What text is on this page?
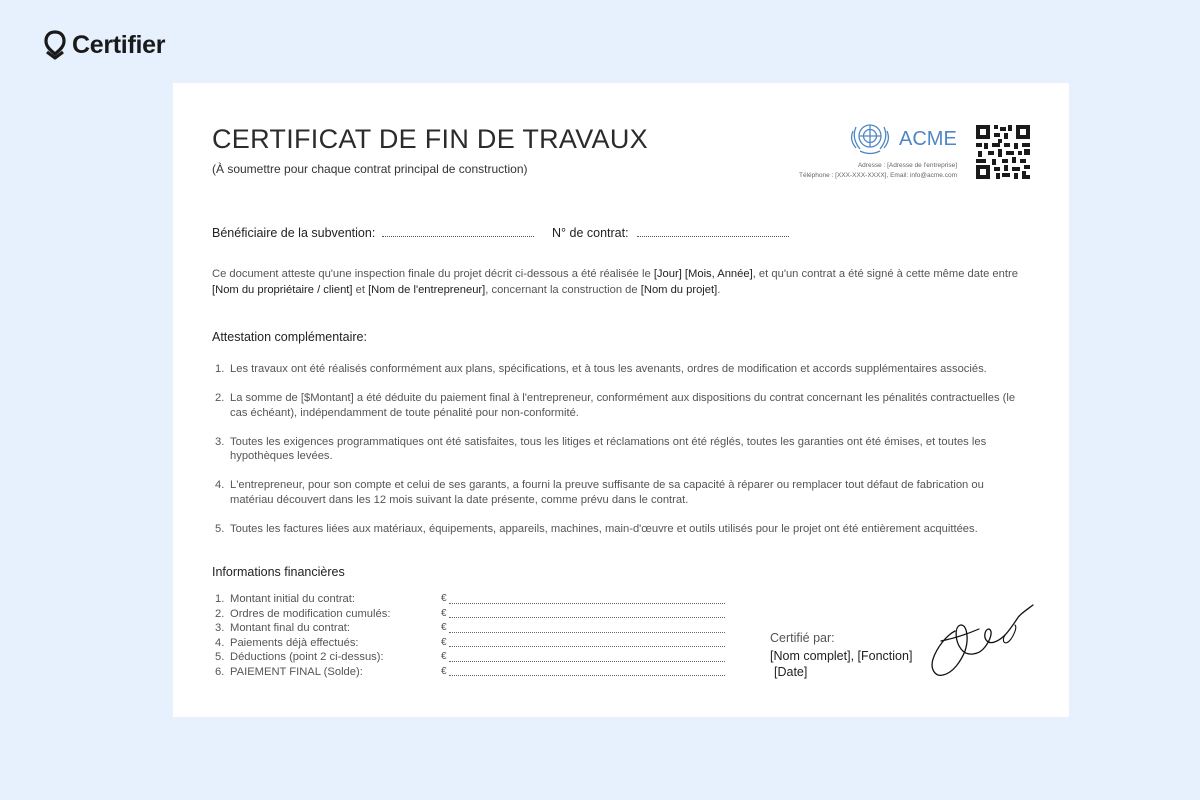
Certifier
CERTIFICAT DE FIN DE TRAVAUX
(À soumettre pour chaque contrat principal de construction)
ACME
Adresse : [Adresse de l'entreprise]
Téléphone : [XXX-XXX-XXXX], Email: info@acme.com
Bénéficiaire de la subvention:	N° de contrat:
Ce document atteste qu'une inspection finale du projet décrit ci-dessous a été réalisée le [Jour] [Mois, Année], et qu'un contrat a été signé à cette même date entre [Nom du propriétaire / client] et [Nom de l'entrepreneur], concernant la construction de [Nom du projet].
Attestation complémentaire:
1. Les travaux ont été réalisés conformément aux plans, spécifications, et à tous les avenants, ordres de modification et accords supplémentaires associés.
2. La somme de [$Montant] a été déduite du paiement final à l'entrepreneur, conformément aux dispositions du contrat concernant les pénalités contractuelles (le cas échéant), indépendamment de toute pénalité pour non-conformité.
3. Toutes les exigences programmatiques ont été satisfaites, tous les litiges et réclamations ont été réglés, toutes les garanties ont été émises, et toutes les hypothèques levées.
4. L'entrepreneur, pour son compte et celui de ses garants, a fourni la preuve suffisante de sa capacité à réparer ou remplacer tout défaut de fabrication ou matériau découvert dans les 12 mois suivant la date présente, comme prévu dans le contrat.
5. Toutes les factures liées aux matériaux, équipements, appareils, machines, main-d'œuvre et outils utilisés pour le projet ont été entièrement acquittées.
Informations financières
1. Montant initial du contrat:	€
2. Ordres de modification cumulés:	€
3. Montant final du contrat:	€
4. Paiements déjà effectués:	€
5. Déductions (point 2 ci-dessus):	€
6. PAIEMENT FINAL (Solde):	€
Certifié par:
[Nom complet], [Fonction]
[Date]
